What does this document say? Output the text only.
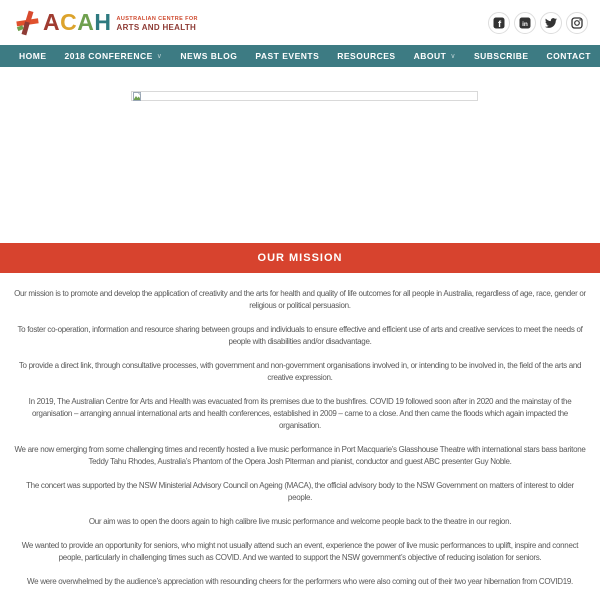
A C A H AUSTRALIAN CENTRE FOR
ARTS AND HEALTH	f	in
HOME 2018 CONFERENCE ∨ NEWS BLOG PAST EVENTS RESOURCES ABOUT ∨ SUBSCRIBE CONTACT
OUR MISSION

Our mission is to promote and develop the application of creativity and the arts for health and quality of life outcomes for all people in Australia, regardless of age, race, gender or religious or political persuasion.

To foster co-operation, information and resource sharing between groups and individuals to ensure effective and efficient use of arts and creative services to meet the needs of people with disabilities and/or disadvantage.

To provide a direct link, through consultative processes, with government and non-government organisations involved in, or intending to be involved in, the field of the arts and creative expression.

In 2019, The Australian Centre for Arts and Health was evacuated from its premises due to the bushfires. COVID 19 followed soon after in 2020 and the mainstay of the organisation – arranging annual international arts and health conferences, established in 2009 – came to a close. And then came the floods which again impacted the organisation.

We are now emerging from some challenging times and recently hosted a live music performance in Port Macquarie’s Glasshouse Theatre with international stars bass baritone Teddy Tahu Rhodes, Australia’s Phantom of the Opera Josh Piterman and pianist, conductor and guest ABC presenter Guy Noble.

The concert was supported by the NSW Ministerial Advisory Council on Ageing (MACA), the official advisory body to the NSW Government on matters of interest to older people.

Our aim was to open the doors again to high calibre live music performance and welcome people back to the theatre in our region.

We wanted to provide an opportunity for seniors, who might not usually attend such an event, experience the power of live music performances to uplift, inspire and connect people, particularly in challenging times such as COVID. And we wanted to support the NSW government’s objective of reducing isolation for seniors.

We were overwhelmed by the audience’s appreciation with resounding cheers for the performers who were also coming out of their two year hibernation from COVID19.
